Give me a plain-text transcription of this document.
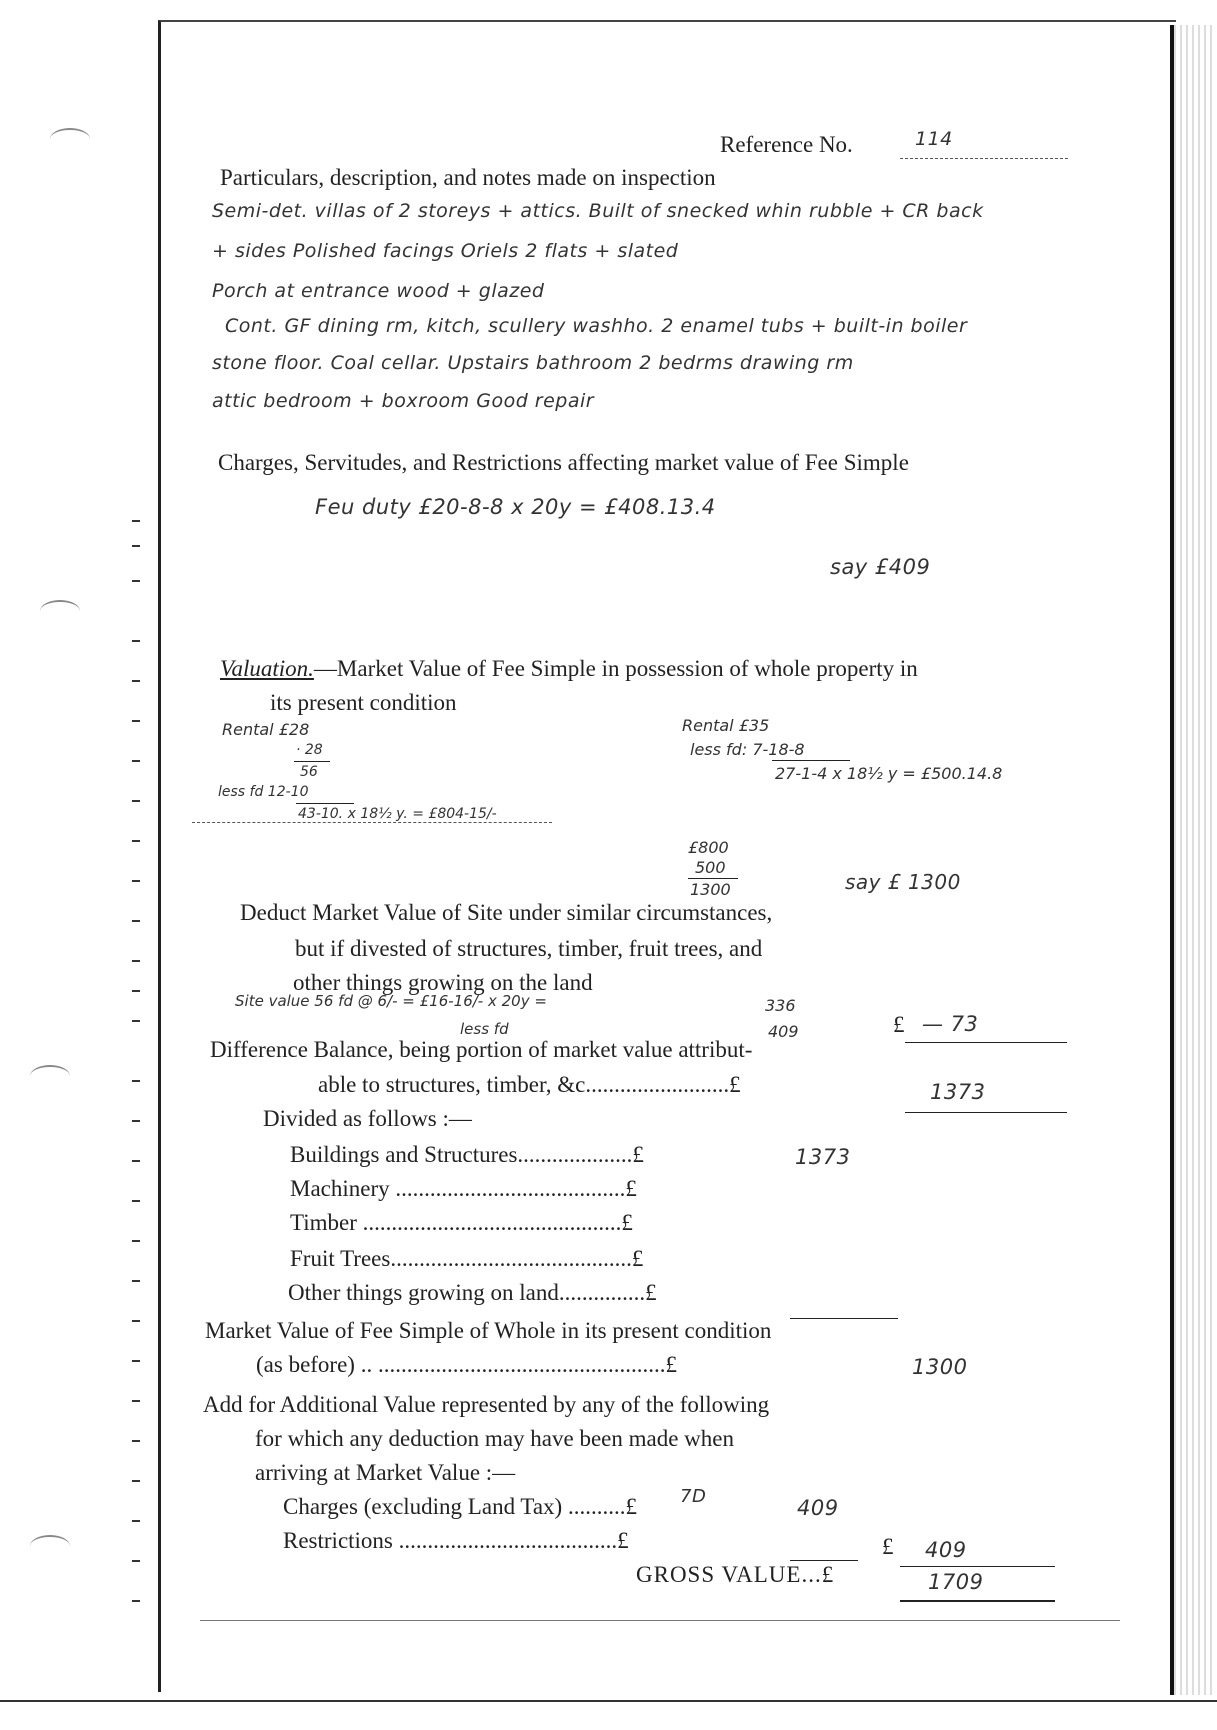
Reference No.	114
Particulars, description, and notes made on inspection
Semi-det. villas of 2 storeys + attics. Built of snecked whin rubble + CR back
+ sides Polished facings Oriels 2 flats + slated
Porch at entrance wood + glazed
Cont. GF dining rm, kitch, scullery washho. 2 enamel tubs + built-in boiler
stone floor. Coal cellar. Upstairs bathroom 2 bedrms drawing rm
attic bedroom + boxroom Good repair
Charges, Servitudes, and Restrictions affecting market value of Fee Simple
Feu duty £20-8-8 x 20y = £408.13.4
say £409
Valuation.—Market Value of Fee Simple in possession of whole property in
its present condition
Rental £28
· 28
56
less fd 12-10
43-10. x 18½ y. = £804-15/-
Rental £35
less fd: 7-18-8
27-1-4 x 18½ y = £500.14.8
£800
500
1300	say £ 1300
Deduct Market Value of Site under similar circumstances,
but if divested of structures, timber, fruit trees, and
other things growing on the land
Site value 56 fd @ 6/- = £16-16/- x 20y =
less fd
336
409	£ — 73
Difference Balance, being portion of market value attribut-
able to structures, timber, &c.........................£	1373
Divided as follows :—
Buildings and Structures....................£	1373
Machinery ........................................£
Timber .............................................£
Fruit Trees..........................................£
Other things growing on land...............£
Market Value of Fee Simple of Whole in its present condition
(as before) .. ..................................................£	1300
Add for Additional Value represented by any of the following
for which any deduction may have been made when
arriving at Market Value :—
Charges (excluding Land Tax) ..........£ 7D	409
Restrictions ......................................£	£ 409
GROSS VALUE...£	1709
